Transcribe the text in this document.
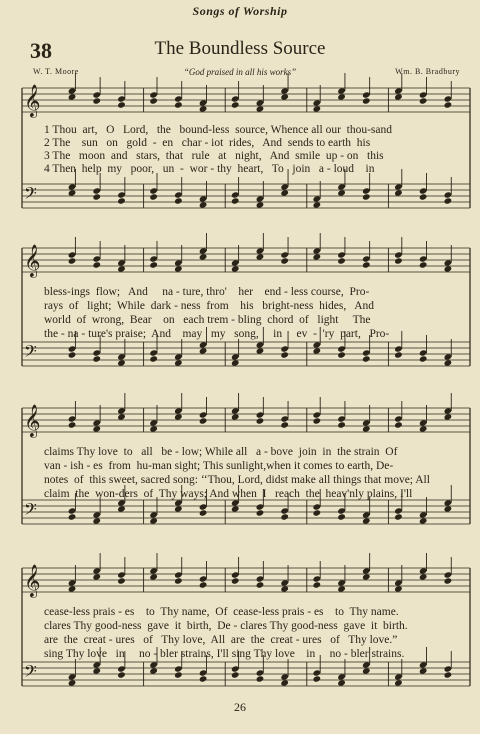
Songs of Worship
38	The Boundless Source
W. T. Moore	“God praised in all his works”	Wm. B. Bradbury
𝄞
𝄢
𝄞
𝄢
𝄞
𝄢
𝄞
𝄢
1 Thou  art,   O   Lord,   the   bound-less  source, Whence all our  thou-sand
2 The    sun   on   gold  -  en   char - iot  rides,   And  sends to earth  his
3 The   moon  and   stars,  that   rule   at   night,   And  smile  up - on   this
4 Then  help  my   poor,   un  -  wor - thy  heart,   To   join   a - loud    in
bless-ings  flow;   And     na - ture, thro'    her    end - less course,  Pro-
rays  of   light;  While  dark - ness  from    his   bright-ness  hides,   And
world  of  wrong,  Bear    on   each trem - bling  chord  of   light     The
the - na - ture's praise;  And    may   my   song,     in     ev  -  'ry  part,   Pro-
claims Thy love  to   all   be - low; While all   a - bove  join  in  the strain  Of
van - ish - es  from  hu-man sight; This sunlight,when it comes to earth, De-
notes  of  this sweet, sacred song: ‘‘Thou, Lord, didst make all things that move; All
claim  the  won-ders  of  Thy ways; And when  I   reach  the  heav'nly plains, I'll
cease-less prais - es    to  Thy name,  Of  cease-less prais - es    to  Thy name.
clares Thy good-ness  gave  it  birth,  De - clares Thy good-ness  gave  it  birth.
are  the  creat - ures   of   Thy love,  All  are  the  creat - ures   of   Thy love.”
sing Thy love   in     no - bler strains, I'll sing Thy love    in     no - bler strains.
26
